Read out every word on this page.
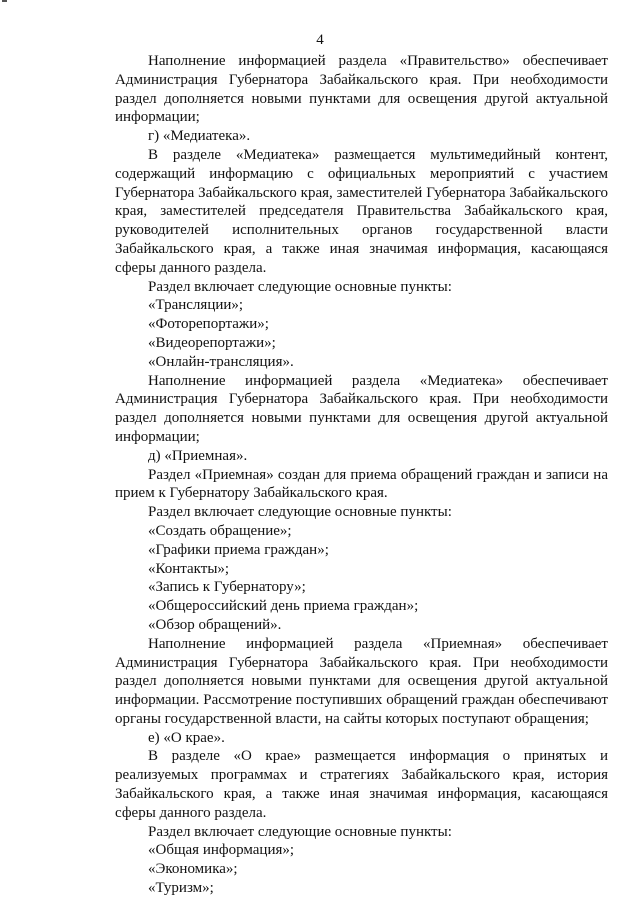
4

Наполнение информацией раздела «Правительство» обеспечивает Администрация Губернатора Забайкальского края. При необходимости раздел дополняется новыми пунктами для освещения другой актуальной информации;

г) «Медиатека».

В разделе «Медиатека» размещается мультимедийный контент, содержащий информацию с официальных мероприятий с участием Губернатора Забайкальского края, заместителей Губернатора Забайкальского края, заместителей председателя Правительства Забайкальского края, руководителей исполнительных органов государственной власти Забайкальского края, а также иная значимая информация, касающаяся сферы данного раздела.

Раздел включает следующие основные пункты:

«Трансляции»;

«Фоторепортажи»;

«Видеорепортажи»;

«Онлайн-трансляция».

Наполнение информацией раздела «Медиатека» обеспечивает Администрация Губернатора Забайкальского края. При необходимости раздел дополняется новыми пунктами для освещения другой актуальной информации;

д) «Приемная».

Раздел «Приемная» создан для приема обращений граждан и записи на прием к Губернатору Забайкальского края.

Раздел включает следующие основные пункты:

«Создать обращение»;

«Графики приема граждан»;

«Контакты»;

«Запись к Губернатору»;

«Общероссийский день приема граждан»;

«Обзор обращений».

Наполнение информацией раздела «Приемная» обеспечивает Администрация Губернатора Забайкальского края. При необходимости раздел дополняется новыми пунктами для освещения другой актуальной информации. Рассмотрение поступивших обращений граждан обеспечивают органы государственной власти, на сайты которых поступают обращения;

е) «О крае».

В разделе «О крае» размещается информация о принятых и реализуемых программах и стратегиях Забайкальского края, история Забайкальского края, а также иная значимая информация, касающаяся сферы данного раздела.

Раздел включает следующие основные пункты:

«Общая информация»;

«Экономика»;

«Туризм»;
